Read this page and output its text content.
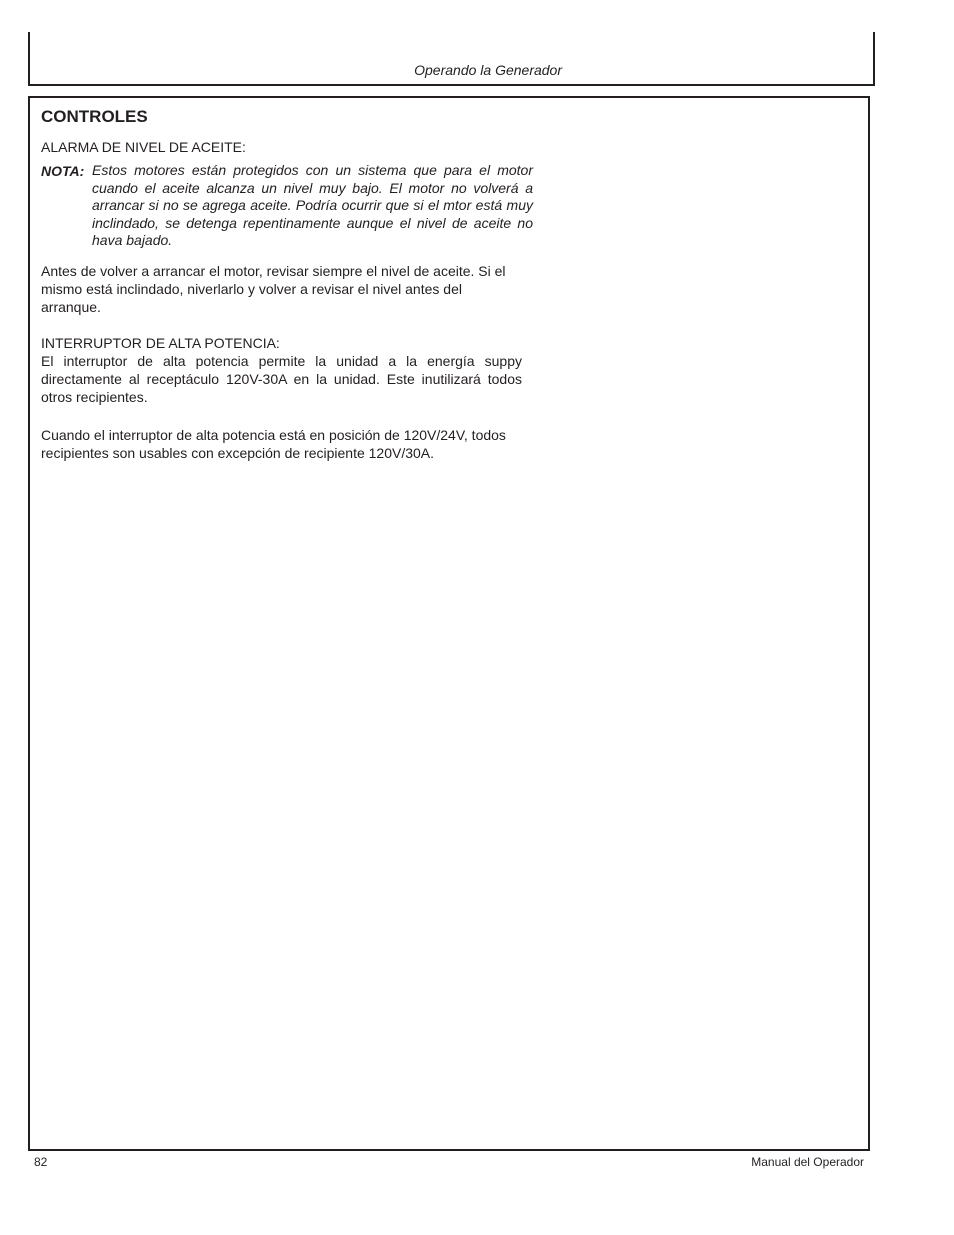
Operando la Generador
CONTROLES

ALARMA DE NIVEL DE ACEITE:

NOTA: Estos motores están protegidos con un sistema que para el motor cuando el aceite alcanza un nivel muy bajo. El motor no volverá a arrancar si no se agrega aceite. Podría ocurrir que si el mtor está muy inclindado, se detenga repentinamente aunque el nivel de aceite no hava bajado.

Antes de volver a arrancar el motor, revisar siempre el nivel de aceite. Si el mismo está inclindado, niverlarlo y volver a revisar el nivel antes del arranque.

INTERRUPTOR DE ALTA POTENCIA:

El interruptor de alta potencia permite la unidad a la energía suppy directamente al receptáculo 120V-30A en la unidad. Este inutilizará todos otros recipientes.

Cuando el interruptor de alta potencia está en posición de 120V/24V, todos recipientes son usables con excepción de recipiente 120V/30A.

82	Manual del Operador
